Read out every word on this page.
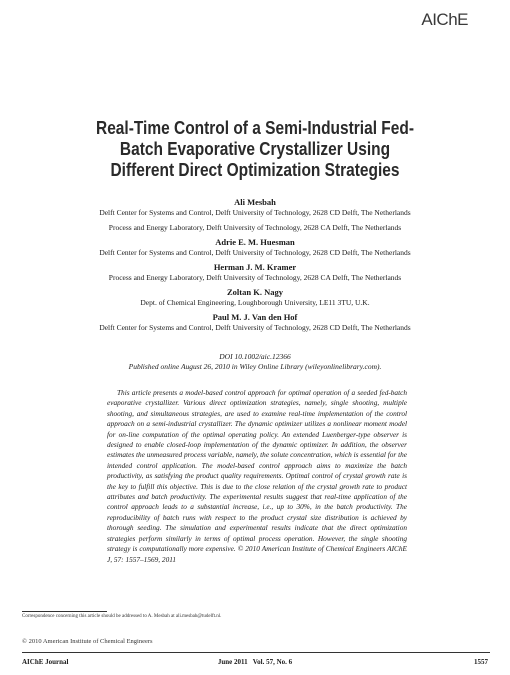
AIChE
Real-Time Control of a Semi-Industrial Fed-Batch Evaporative Crystallizer Using Different Direct Optimization Strategies
Ali Mesbah
Delft Center for Systems and Control, Delft University of Technology, 2628 CD Delft, The Netherlands
Process and Energy Laboratory, Delft University of Technology, 2628 CA Delft, The Netherlands
Adrie E. M. Huesman
Delft Center for Systems and Control, Delft University of Technology, 2628 CD Delft, The Netherlands
Herman J. M. Kramer
Process and Energy Laboratory, Delft University of Technology, 2628 CA Delft, The Netherlands
Zoltan K. Nagy
Dept. of Chemical Engineering, Loughborough University, LE11 3TU, U.K.
Paul M. J. Van den Hof
Delft Center for Systems and Control, Delft University of Technology, 2628 CD Delft, The Netherlands
DOI 10.1002/aic.12366
Published online August 26, 2010 in Wiley Online Library (wileyonlinelibrary.com).

This article presents a model-based control approach for optimal operation of a seeded fed-batch evaporative crystallizer. Various direct optimization strategies, namely, single shooting, multiple shooting, and simultaneous strategies, are used to examine real-time implementation of the control approach on a semi-industrial crystallizer. The dynamic optimizer utilizes a nonlinear moment model for on-line computation of the optimal operating policy. An extended Luenberger-type observer is designed to enable closed-loop implementation of the dynamic optimizer. In addition, the observer estimates the unmeasured process variable, namely, the solute concentration, which is essential for the intended control application. The model-based control approach aims to maximize the batch productivity, as satisfying the product quality requirements. Optimal control of crystal growth rate is the key to fulfill this objective. This is due to the close relation of the crystal growth rate to product attributes and batch productivity. The experimental results suggest that real-time application of the control approach leads to a substantial increase, i.e., up to 30%, in the batch productivity. The reproducibility of batch runs with respect to the product crystal size distribution is achieved by thorough seeding. The simulation and experimental results indicate that the direct optimization strategies perform similarly in terms of optimal process operation. However, the single shooting strategy is computationally more expensive. © 2010 American Institute of Chemical Engineers AIChE J, 57: 1557–1569, 2011

Correspondence concerning this article should be addressed to A. Mesbah at ali.mesbah@tudelft.nl.
© 2010 American Institute of Chemical Engineers
AIChE Journal	June 2011   Vol. 57, No. 6	1557
